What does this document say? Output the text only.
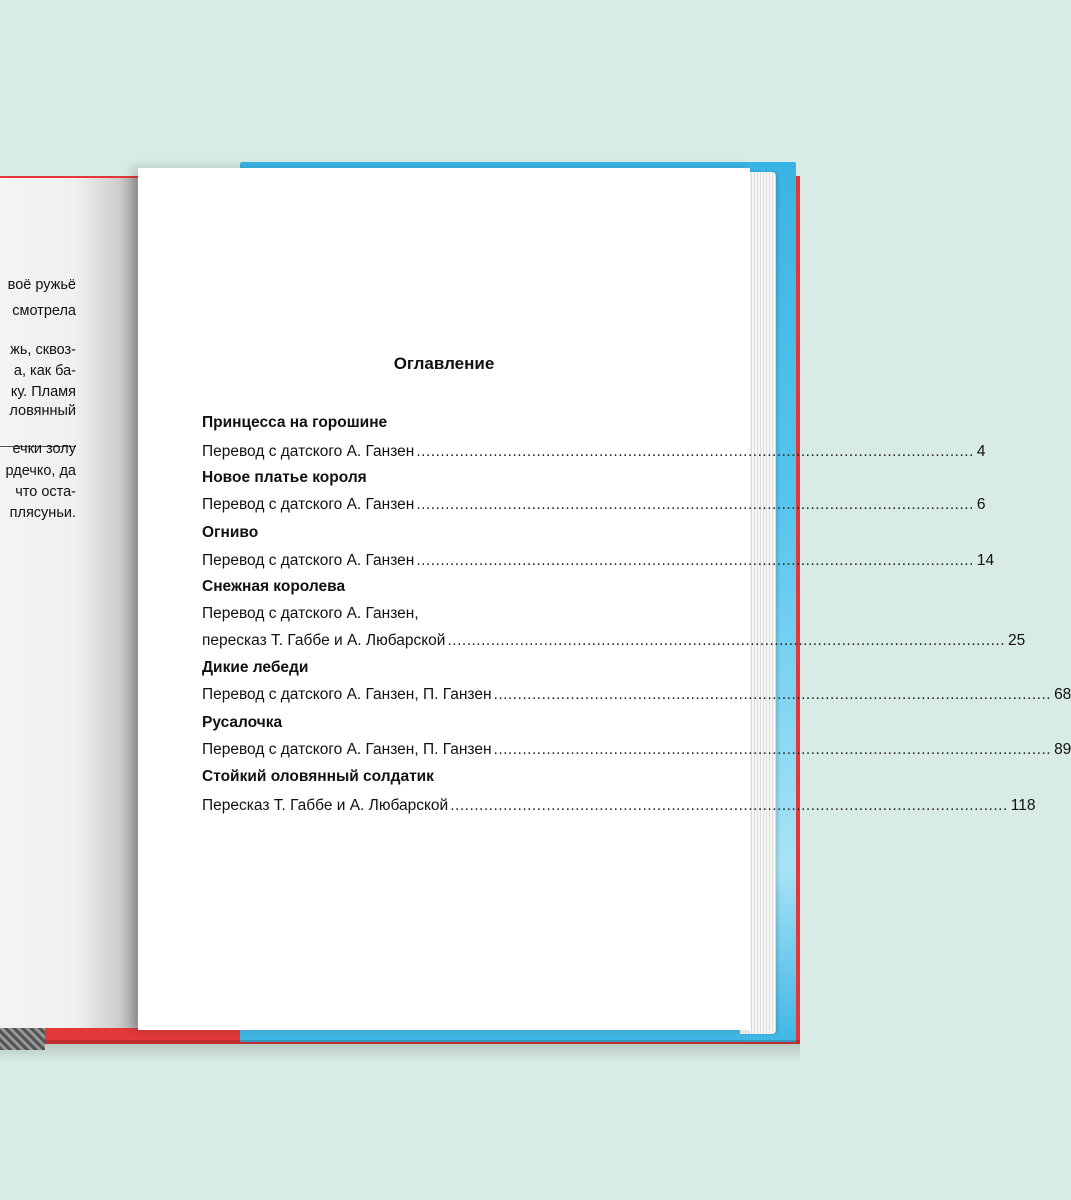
воё ружьё
смотрела
жь, сквоз-
а, как ба-
ку. Пламя
ловянный
ечки золу
рдечко, да
что оста-
плясуньи.
Оглавление
Принцесса на горошине
Перевод с датского А. Ганзен .................................................................................................................... 4
Новое платье короля
Перевод с датского А. Ганзен .................................................................................................................... 6
Огниво
Перевод с датского А. Ганзен .................................................................................................................... 14
Снежная королева
Перевод с датского А. Ганзен,
пересказ Т. Габбе и А. Любарской .................................................................................................................... 25
Дикие лебеди
Перевод с датского А. Ганзен, П. Ганзен .................................................................................................................... 68
Русалочка
Перевод с датского А. Ганзен, П. Ганзен .................................................................................................................... 89
Стойкий оловянный солдатик
Пересказ Т. Габбе и А. Любарской .................................................................................................................... 118
